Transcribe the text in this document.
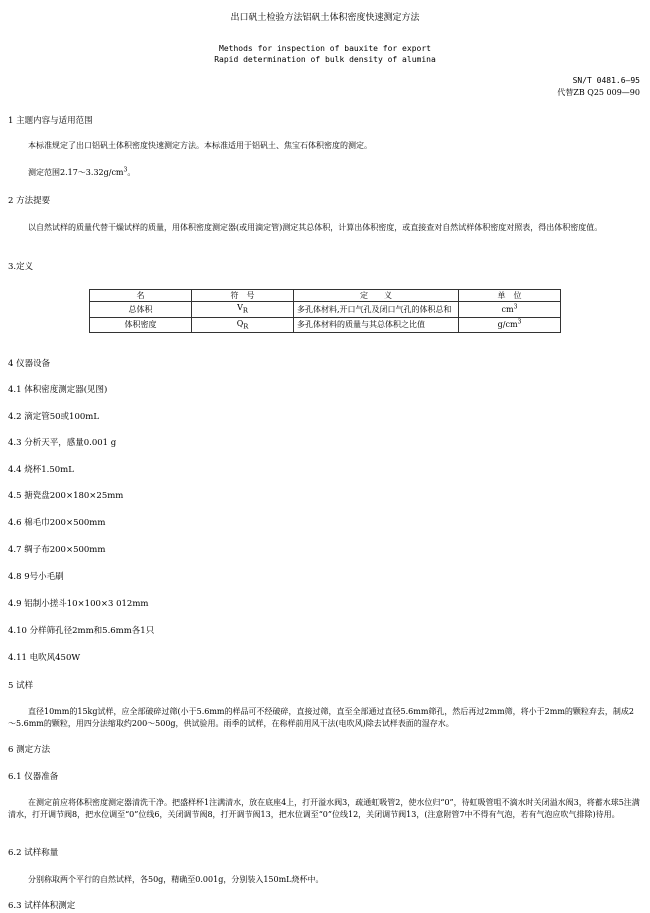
出口矾土检验方法铝矾土体积密度快速测定方法
Methods for inspection of bauxite for export
Rapid determination of bulk density of alumina
SN/T 0481.6—95
代替ZB Q25 009—90
1 主题内容与适用范围
本标准规定了出口铝矾土体积密度快速测定方法。本标准适用于铝矾土、焦宝石体积密度的测定。
测定范围$2.17\sim 3.32g/cm^3$。
2 方法提要
以自然试样的质量代替干燥试样的质量，用体积密度测定器(或用滴定管)测定其总体积，计算出体积密度，或直接查对自然试样体积密度对照表，得出体积密度值。
3.定义
名	符　号	定　　义	单　位
总体积	$V_R$	多孔体材料,开口气孔及闭口气孔的体积总和	$cm^3$
体积密度	$Q_R$	多孔体材料的质量与其总体积之比值	$g/cm^3$
4 仪器设备
4.1 体积密度测定器(见图)
4.2 滴定管50或100mL
4.3 分析天平，感量0.001 g
4.4 烧杯1.50mL
4.5 搪瓷盘200×180×25mm
4.6 棉毛巾200×500mm
4.7 绸子布200×500mm
4.8 9号小毛刷
4.9 铝制小搓斗10×100×3 012mm
4.10 分样筛孔径2mm和5.6mm各1只
4.11 电吹风450W
5 试样
直径10mm的15kg试样，应全部破碎过筛(小于5.6mm的样品可不经破碎，直接过筛，直至全部通过直径5.6mm筛孔，然后再过2mm筛，将小于2mm的颗粒弃去，制成2～5.6mm的颗粒，用四分法缩取约200～500g，供试验用。雨季的试样，在称样前用风干法(电吹风)除去试样表面的湿存水。
6 测定方法
6.1 仪器准备
在测定前应将体积密度测定器清洗干净。把盛样杯1注满清水，放在底座4上，打开溢水阀3，疏通虹吸管2，使水位归“0”，待虹吸管咀不滴水时关闭溢水阀3，将蓄水球5注满清水，打开调节阀8，把水位调至“0”位线6，关闭调节阀8，打开调节阀13，把水位调至“0”位线12，关闭调节阀13，(注意附管7中不得有气泡，若有气泡应吹气排除)待用。
6.2 试样称量
分别称取两个平行的自然试样，各50g，精确至0.001g，分别装入150mL烧杯中。
6.3 试样体积测定
